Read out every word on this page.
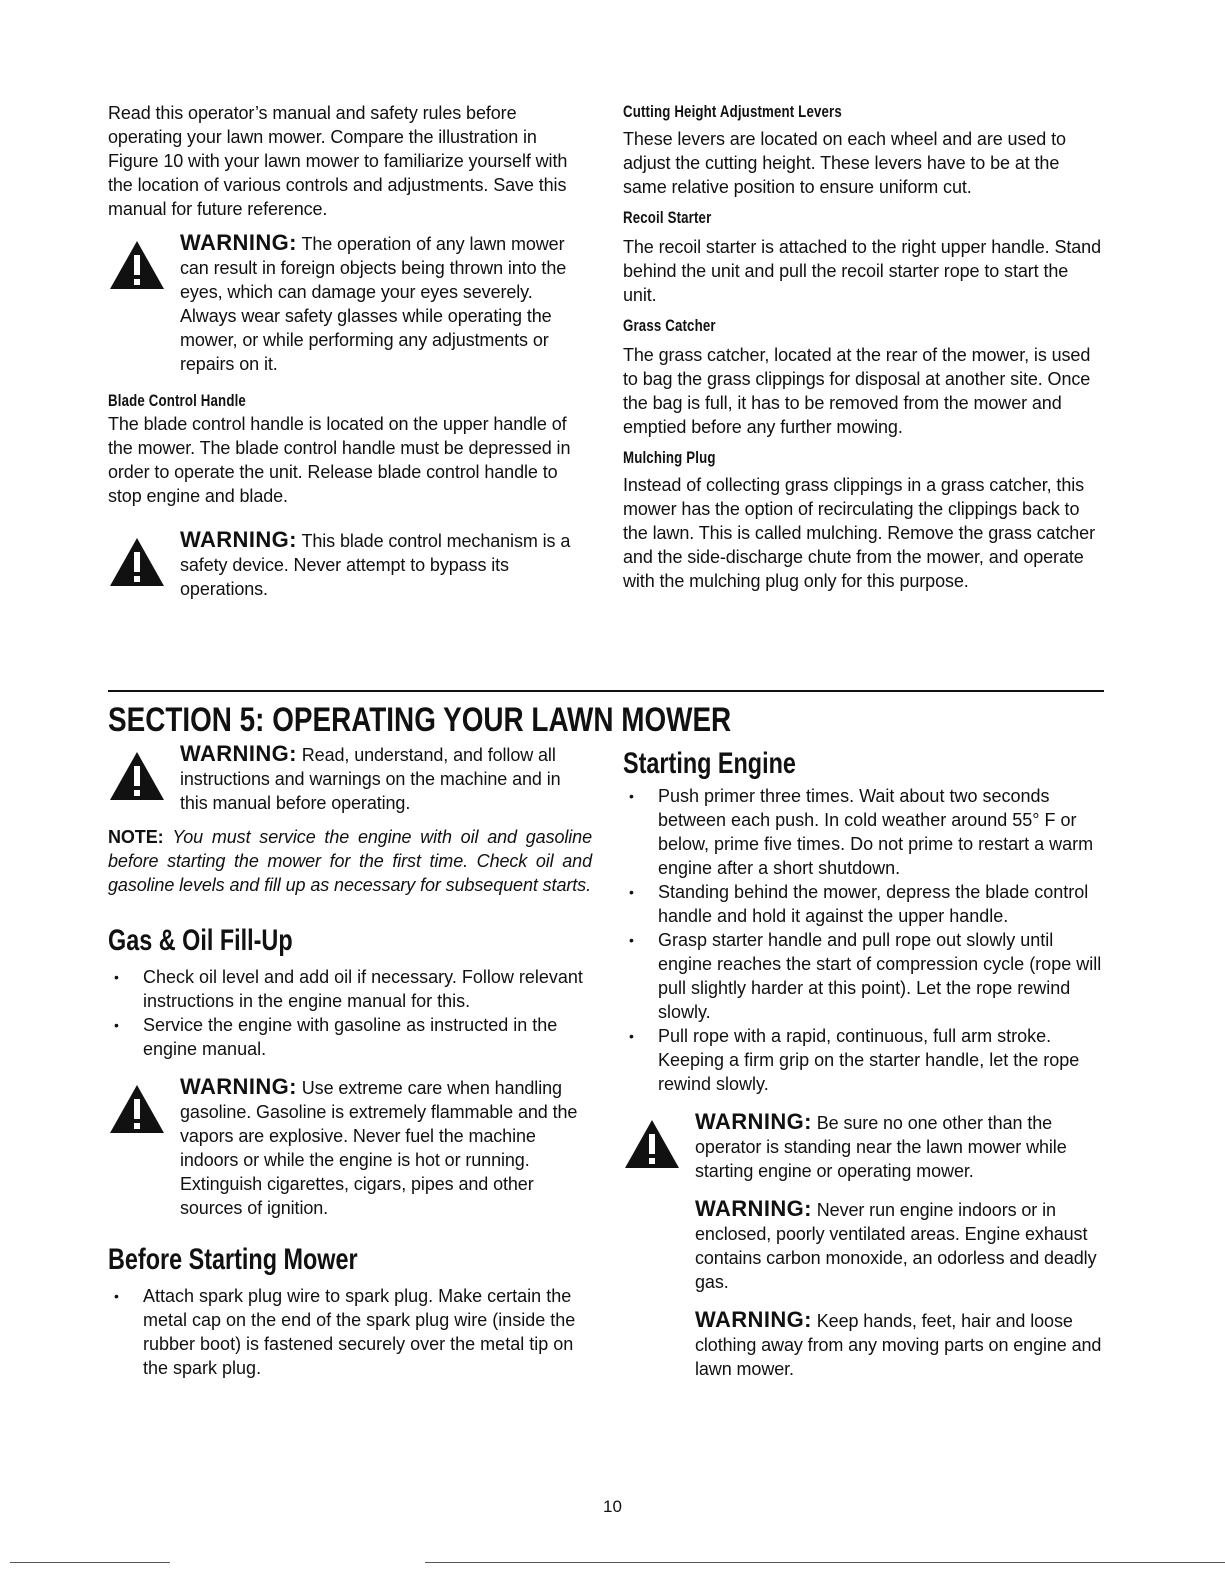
Read this operator’s manual and safety rules before operating your lawn mower. Compare the illustration in Figure 10 with your lawn mower to familiarize yourself with the location of various controls and adjustments. Save this manual for future reference.

WARNING: The operation of any lawn mower can result in foreign objects being thrown into the eyes, which can damage your eyes severely. Always wear safety glasses while operating the mower, or while performing any adjustments or repairs on it.

Blade Control Handle

The blade control handle is located on the upper handle of the mower. The blade control handle must be depressed in order to operate the unit. Release blade control handle to stop engine and blade.

WARNING: This blade control mechanism is a safety device. Never attempt to bypass its operations.

Cutting Height Adjustment Levers

These levers are located on each wheel and are used to adjust the cutting height. These levers have to be at the same relative position to ensure uniform cut.

Recoil Starter

The recoil starter is attached to the right upper handle. Stand behind the unit and pull the recoil starter rope to start the unit.

Grass Catcher

The grass catcher, located at the rear of the mower, is used to bag the grass clippings for disposal at another site. Once the bag is full, it has to be removed from the mower and emptied before any further mowing.

Mulching Plug

Instead of collecting grass clippings in a grass catcher, this mower has the option of recirculating the clippings back to the lawn. This is called mulching. Remove the grass catcher and the side-discharge chute from the mower, and operate with the mulching plug only for this purpose.

SECTION 5: OPERATING YOUR LAWN MOWER

WARNING: Read, understand, and follow all instructions and warnings on the machine and in this manual before operating.

NOTE: You must service the engine with oil and gasoline before starting the mower for the first time. Check oil and gasoline levels and fill up as necessary for subsequent starts.

Gas & Oil Fill-Up
• Check oil level and add oil if necessary. Follow relevant instructions in the engine manual for this.
• Service the engine with gasoline as instructed in the engine manual.

WARNING: Use extreme care when handling gasoline. Gasoline is extremely flammable and the vapors are explosive. Never fuel the machine indoors or while the engine is hot or running. Extinguish cigarettes, cigars, pipes and other sources of ignition.

Before Starting Mower
• Attach spark plug wire to spark plug. Make certain the metal cap on the end of the spark plug wire (inside the rubber boot) is fastened securely over the metal tip on the spark plug.
Starting Engine
• Push primer three times. Wait about two seconds between each push. In cold weather around 55° F or below, prime five times. Do not prime to restart a warm engine after a short shutdown.
• Standing behind the mower, depress the blade control handle and hold it against the upper handle.
• Grasp starter handle and pull rope out slowly until engine reaches the start of compression cycle (rope will pull slightly harder at this point). Let the rope rewind slowly.
• Pull rope with a rapid, continuous, full arm stroke. Keeping a firm grip on the starter handle, let the rope rewind slowly.

WARNING: Be sure no one other than the operator is standing near the lawn mower while starting engine or operating mower.

WARNING: Never run engine indoors or in enclosed, poorly ventilated areas. Engine exhaust contains carbon monoxide, an odorless and deadly gas.

WARNING: Keep hands, feet, hair and loose clothing away from any moving parts on engine and lawn mower.

10
